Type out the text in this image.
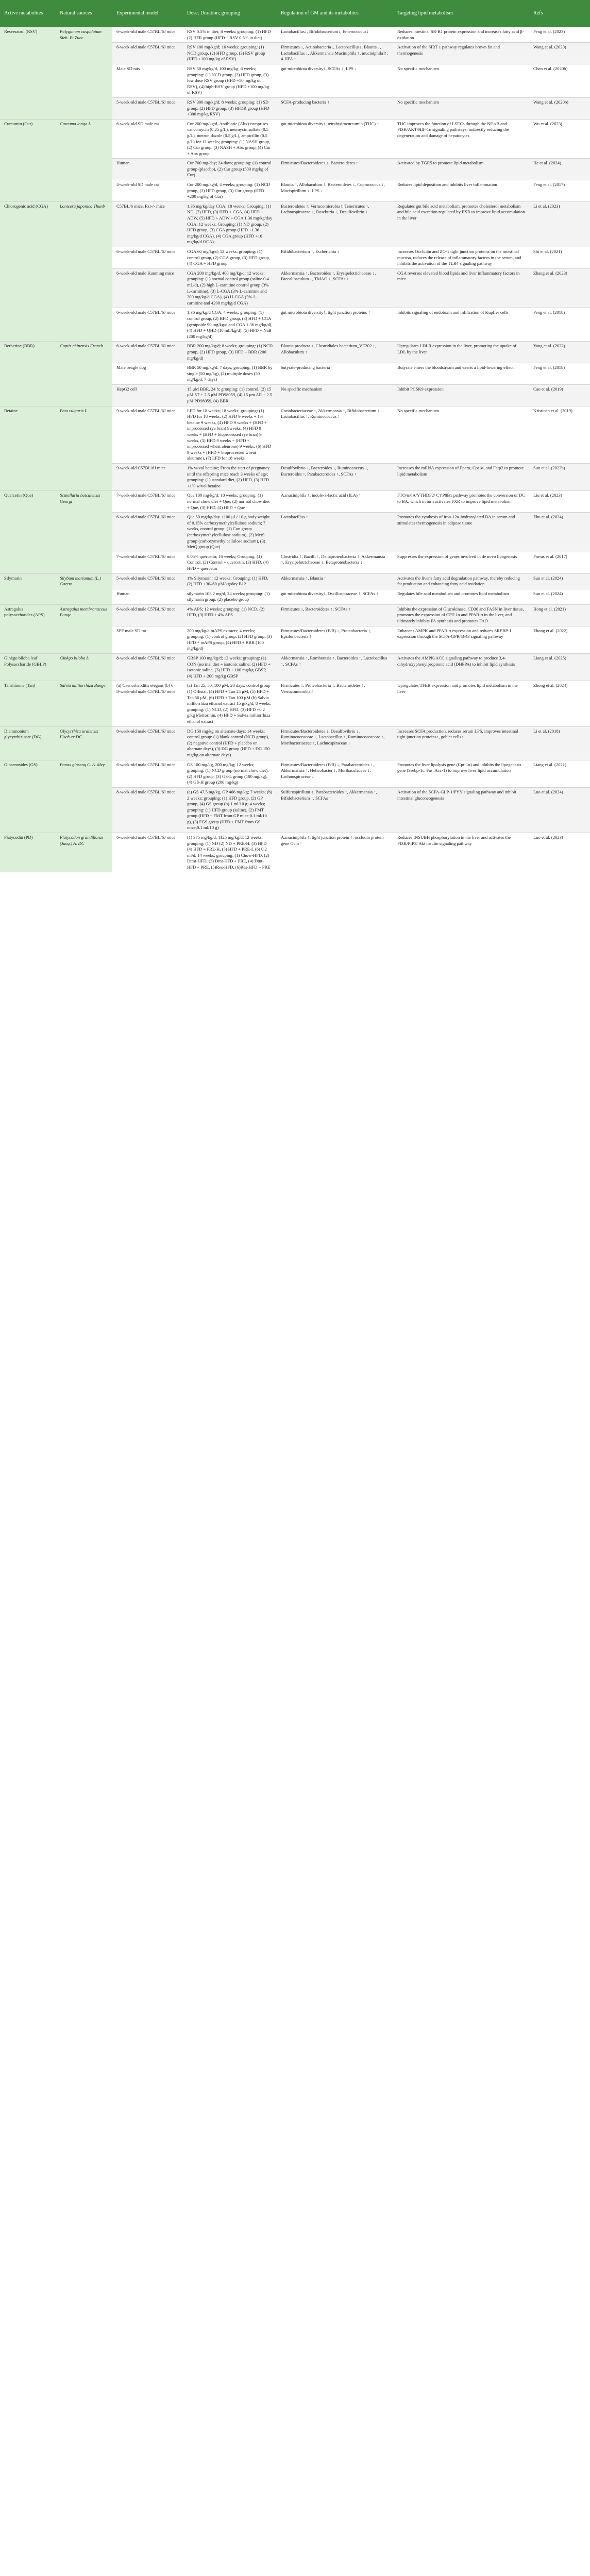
Active metabolites	Natural sources	Experimental model	Dose; Duration; grouping	Regulation of GM and its metabolites	Targeting lipid metabolism	Refs
Resveratrol (RSV)	Polygonum cuspidatum Sieb. Et Zucc	6-week-old male C57BL/6J mice	RSV 0.5% in diet; 8 weeks; grouping: (1) HFD (2) HFR group (HFD + RSV 0.5% in diet)	Lactobacillus↓, Bifidobacterium↓, Enterococcus↓	Reduces intestinal SR-B1 protein expression and increases fatty acid β-oxidation	Peng et al. (2023)
		6-week-old male C57BL/6J mice	RSV 100 mg/kg/d; 16 weeks; grouping: (1) NCD group, (2) HFD group, (3) RSV group (HFD +100 mg/kg of RSV)	Firmicutes ↓, Actinobacteria↓, Lactobacillus↓, Blautia ↓, Lactobacillus ↓, Akkermansia Muciniphila ↑, muciniphila]↑; 4-HPA ↑	Activation of the SIRT 1 pathway regulates brown fat and thermogenesis	Wang et al. (2020)
		Male SD rats	RSV 50 mg/kg/d, 100 mg/kg; 6 weeks; grouping: (1) NCD group, (2) HFD group, (3) low dose RSV group (HFD +50 mg/kg of RSV), (4) high-RSV group (HFD +100 mg/kg of RSV)	gut microbiota diversity↑, SCFAs ↑, LPS ↓	No specific mechanism	Chen et al. (2020b)
		5-week-old male C57BL/6J mice	RSV 300 mg/kg/d; 8 weeks; grouping: (1) SD group, (2) HFD group, (3) HFDR group (HFD +300 mg/kg RSV)	SCFA-producing bacteria ↑	No specific mechanism	Wang et al. (2020b)
Curcumin (Cur)	Curcuma longa L	6-week-old SD male rat	Cur 200 mg/kg/d, Antibiotic (Abx) comprises vancomycin (0.25 g/L), neomycin sulfate (0.5 g/L), metronidazole (0.5 g/L), ampicillin (0.5 g/L) for 12 weeks; grouping: (1) NASH group, (2) Cur group, (3) NASH + Abx group, (4) Cur + Abx group	gut microbiota diversity↑, tetrahydrocurcumin (THC) ↑	THC improves the function of LSECs through the NF-κB and PI3K/AKT/HIF-1α signaling pathways, indirectly reducing the degeneration and damage of hepatocytes	Wu et al. (2023)
		Human	Cur 700 mg/day; 24 days; grouping: (1) control group (placebo), (2) Cur group (500 mg/kg of Cur)	Firmicutes/Bacteroidetes ↓, Bacteroidetes ↑	Activated by TGR5 to promote lipid metabolism	He et al. (2024)
		4-week-old SD male rat	Cur 200 mg/kg/d, 4 weeks; grouping: (1) NCD group, (2) HFD group, (3) Cur group (HFD +200 mg/kg of Cur)	Blautia ↑, Allobaculum ↑, Bacteroidetes ↓, Coprococcus ↓, Mucispirillum ↓, LPS ↓	Reduces lipid deposition and inhibits liver inflammation	Feng et al. (2017)
Chlorogenic acid (CGA)	Lonicera japonica Thunb	C57BL/6 mice, Fxr-/- mice	1.36 mg/kg/day CGA; 18 weeks; Grouping: (1) ND, (2) HFD, (3) HFD + CGA, (4) HFD + ADW, (5) HFD + ADW + CGA 1.36 mg/kg/day CGA; 12 weeks; Grouping: (1) ND group, (2) HFD group, (3) CGA group (HFD +1.36 mg/kg/d CGA), (4) CGA group (HFD +10 mg/kg/d OCA)	Bacteroidetes ↑, Verrucomicrobia↑, Tenericutes ↑, Lachnospiraceae ↓, Roseburia ↓, Desulfovibrio ↓	Regulates gut bile acid metabolism, promotes cholesterol metabolism and bile acid excretion regulated by FXR to improve lipid accumulation in the liver	Li et al. (2023)
		6-week-old male C57BL/6J mice	CGA 60 mg/kg/d; 12 weeks; grouping: (1) control group, (2) CGA group, (3) HFD group, (4) CGA + HFD group	Bifidobacterium ↑, Escherichia ↓	Increases Occludin and ZO-1 tight junction proteins on the intestinal mucosa, reduces the release of inflammatory factors in the serum, and inhibits the activation of the TLR4 signaling pathway	Shi et al. (2021)
		6-week-old male Kunming mice	CGA 200 mg/kg/d, 400 mg/kg/d; 12 weeks; grouping: (1) normal control group (saline 0.4 mL/d), (2) high L-carnitine control group (3% L-carnitine), (3) L-CGA (3% L-carnitine and 200 mg/kg/d CGA), (4) H-CGA (3% L-carnitine and 4200 mg/kg/d CGA)	Akkermansia ↑, Bacteroides ↑, Erysipelotrichaceae ↓, Faecalibaculum ↓, TMAO ↓, SCFAs ↑	CGA reverses elevated blood lipids and liver inflammatory factors in mice	Zhang et al. (2023)
		6-week-old male C57BL/6J mice	1.36 mg/kg/d CGA; 4 weeks; grouping: (1) control group, (2) HFD group, (3) HFD + CGA (genipoide 90 mg/kg/d and CGA 1.36 mg/kg/d), (4) HFD + QHD (10 mL/kg/d), (5) HFD + NaB (200 mg/kg/d)	gut microbiota diversity↑, tight junction proteins ↑	Inhibits signaling of endotoxin and infiltration of Kupffer cells	Peng et al. (2018)
Berberine (BBR)	Coptis chinensis Franch	6-week-old male C57BL/6J mice	BBR 200 mg/kg/d; 8 weeks; grouping: (1) NCD group, (2) HFD group, (3) HFD + BBR (200 mg/kg/d)	Blautia producta ↑, Clostridiales bacterium_VE202 ↑, Allobaculum ↑	Upregulates LDLR expression in the liver, promoting the uptake of LDL by the liver	Yang et al. (2022)
		Male beagle dog	BBR 50 mg/kg/d; 7 days; grouping: (1) BBR by single (50 mg/kg), (2) multiple doses (50 mg/kg/d; 7 days)	butyrate-producing bacteria↑	Butyrate enters the bloodstream and exerts a lipid-lowering effect	Feng et al. (2018)
		HepG2 cell	15 μM BBR, 24 h; grouping: (1) control, (2) 15 μM ST + 2.5 μM PD98059, (4) 15 μm AR + 2.5 μM PD98059, (4) BBR	No specific mechanism	Inhibit PCSK9 expression	Cao et al. (2019)
Betaine	Beta vulgaris L	9-week-old male C57BL/6J mice	LFD for 18 weeks; 18 weeks; grouping: (1) HFD for 18 weeks, (2) HFD 9 weeks + 1% betaine 9 weeks, (4) HFD 9 weeks + (HFD + unprocessed rye bran) 9weeks, (4) HFD 9 weeks + (HFD + bioprocessed rye bran) 9 weeks, (5) HFD 9 weeks + (HFD + unprocessed wheat aleurone) 9 weeks, (6) HFD 9 weeks + (HFD + bioprocessed wheat aleurone), (7) LFD for 18 weeks	Coriobacteriaceae ↑, Akkermansia ↑, Bifidobacterium ↑, Lactobacillus ↑, Ruminococcus ↑	No specific mechanism	Kristinen et al. (2019)
		9-week-old C57BL/6J mice	1% w/vol betaine; From the start of pregnancy until the offspring mice reach 3 weeks of age; grouping: (1) standard diet, (2) HFD, (3) HFD +1% w/vol betaine	Desulfovibrio ↓, Bacteroides ↓, Ruminococcus ↓, Bacteroides ↑, Parabacteroides ↑, SCFAs ↑	Increases the mRNA expression of Pparα, Cpt1α, and Fatp2 to promote lipid metabolism	Sun et al. (2023b)
Quercetin (Que)	Scutellaria baicalensis Georgi	7-week-old male C57BL/6J mice	Que 100 mg/kg/d; 10 weeks; grouping: (1) normal chow diet + Que, (2) normal chow diet + Que, (3) HFD, (4) HFD + Que	A.muciniphila ↑, indole-3-lactic acid (ILA) ↑	FTO/m6A/YTHDF2/ CYP8B1 pathway promotes the conversion of DC to BA, which in turn activates FXR to improve lipid metabolism	Liu et al. (2023)
		6-week-old male C57BL/6J mice	Que 50 mg/kg/day +100 μL/ 10 g body weight of 0.15% carboxymethylcellulose sodium; 7 weeks, control group: (1) Con group (carboxymethylcellulose sodium), (2) MetS group (carboxymethylcellulose sodium), (3) MetQ group (Que)	Lactobacillus ↑	Promotes the synthesis of iron-12α-hydroxylated BA in serum and stimulates thermogenesis in adipose tissue	Zhu et al. (2024)
		7-week-old male C57BL/6J mice	0.05% quercetin; 16 weeks; Grouping: (1) Control, (2) Control + quercetin, (3) HFD, (4) HFD + quercetin	Clostridia ↑, Bacilli ↑, Deltaproteobacteria ↑, Akkermansia ↑, Erysipelotrichaceae ↓, Betaproteobacteria ↓	Suppresses the expression of genes involved in de novo lipogenesis	Porras et al. (2017)
Silymarin	Silybum marianum (L.) Gaertn	5-week-old male C57BL/6J mice	1% Silymarin; 12 weeks; Grouping: (1) HFD, (2) HFD +30–60 μM/kg/day B12	Akkermansia ↑, Blautia ↑	Activates the liver's fatty acid degradation pathway, thereby reducing fat production and enhancing fatty acid oxidation	Sun et al. (2024)
		Human	silymarin 103.2 mg/d, 24 weeks; grouping: (1) silymarin group, (2) placebo group	gut microbiota diversity↑, Oscillospiraceae ↑, SCFAs ↑	Regulates bile acid metabolism and promotes lipid metabolism	Sun et al. (2024)
Astragalus polysaccharides (APS)	Astragalus membranaceus Bunge	6-week-old male C57BL/6J mice	4% APS; 12 weeks; grouping: (1) NCD, (2) HFD, (3) HFD + 4% APS	Firmicutes ↓, Bacteroidetes ↑, SCFAs ↑	Inhibits the expression of Glucokinase, CD36 and FASN in liver tissue, promotes the expression of CPT-1α and PPAR-α in the liver, and ultimately inhibits FA synthesis and promotes FAO	Hong et al. (2021)
		SPF male SD rat	200 mg/kg/d mAPS extracts; 4 weeks; grouping: (1) control group, (2) HFD group, (3) HFD + mAPS group, (4) HFD + BBR (100 mg/kg/d)	Firmicutes/Bacteroidetes (F/B) ↓, Proteobacteria ↑, Epsilonbacteria ↑	Enhances AMPK and PPAR-α expression and reduces SREBP-1 expression through the SCFA-GPR43/43 signaling pathway	Zhong et al. (2022)
Ginkgo biloba leaf Polysaccharide (GBLP)	Ginkgo biloba L	8-week-old male C57BL/6J mice	GBSP 100 mg/kg/d; 12 weeks; grouping: (1) CON (normal diet + isotonic saline, (2) HFD + isotonic saline, (3) HFD + 100 mg/kg GBSP, (4) HFD + 200 mg/kg GBSP	Akkermansia ↑, Romboutsia ↑, Bacteroides ↑, Lactobacillus ↑, SCFAs ↑	Activates the AMPK/ACC signaling pathway to produce 3,4-dihydroxyphenylpropionic acid (DHPPA) to inhibit lipid synthesis	Liang et al. (2025)
Tanshinone (Tan)	Salvia miltiorrhiza Bunge	(a) Caenorhabditis elegans (b) 6–8-week-old male C57BL/6J mice	(a) Tan 25, 50, 100 μM; 20 days; control group (1) Orlistat, (4) HFD + Tan 25 μM, (5) HFD + Tan 50 μM, (6) HFD + Tan 100 μM (b) Salvia miltiorrhiza ethanol extract 15 g/kg/d; 8 weeks; grouping: (1) NCD, (2) HFD, (3) HFD +0.2 g/kg Metformin, (4) HFD + Salvia miltiorrhiza ethanol extract	Firmicutes ↓, Proteobacteria ↓, Bacteroidetes ↑, Verrucomicrobia ↑	Upregulates TFEB expression and promotes lipid metabolism in the liver	Zhong et al. (2024)
Diammonium glycyrrhizinate (DG)	Glycyrrhiza uralensis Fisch ex DC	8-week-old male C57BL/6J mice	DG 150 mg/kg on alternate days; 14 weeks; control group: (1) blank control (NCD group), (2) negative control (HFD + placebo on alternate days), (3) DG group (HFD + DG 150 mg/kg on alternate days)	Firmicutes/Bacteroidetes ↓, Desulfovibrio ↓, Ruminococcaceae ↓, Lactobacillus ↑, Ruminococcaceae ↑, Moribacteriaceae ↑, Lachnospiraceae ↓	Increases SCFA production, reduces serum LPS, improves intestinal tight junction proteins↑, goblet cells↑	Li et al. (2018)
Ginsenosides (GS)	Panax ginseng C. A. Mey	6-week-old male C57BL/6J mice	GS 100 mg/kg, 200 mg/kg; 12 weeks; grouping: (1) NCD group (normal chow diet), (2) HFD group, (3) GS-L group (100 mg/kg), (4) GS-H group (200 mg/kg)	Firmicutes/Bacteroidetes (F/B) ↓, Parabacteroides ↑, Akkermansia ↑, Helicobacter ↓, Muribaculaceae ↓, Lachnospiraceae ↓	Promotes the liver lipolysis gene (Cpt-1α) and inhibits the lipogenesis gene (Srebp-1c, Fas, Acc-1) to improve liver lipid accumulation	Liang et al. (2021)
		8-week-old male C57BL/6J mice	(a) GS 47.5 mg/kg, GP 466 mg/kg; 7 weeks; (b) 2 weeks; grouping: (1) HFD group, (2) GP group, (4) GS group (b) 1 ml/10 g; 4 weeks; grouping: (1) HFD group (saline), (2) FMT group (HFD + FMT from GP mice;0.1 ml/10 g), (3) FGS group (HFD + FMT from GS mice;0.1 ml/10 g)	Sulfurospirillum ↑, Parabacteroides ↑, Akkermansia ↑, Bifidobacterium ↑, SCFAs ↑	Activation of the SCFA-GLP-1/PYY signaling pathway and inhibit intestinal gluconeogenesis	Luo et al. (2024)
Platycodin (PD)	Platycodon grandiflorus (Jacq.) A. DC	6-week-old male C57BL/6J mice	(1) 375 mg/kg/d, 1125 mg/kg/d; 12 weeks; grouping: (1) ND (2) ND + PRE-H, (3) HFD (4) HFD + PRE-H, (5) HFD + PRE-L (6) 0.2 ml/d, 14 weeks; grouping: (1) Chow-HFD, (2) Dtmt-HFD, (3) Dtnt-HFD + PRE, (4) Dtnt-HFD + PRE, (5)Res-HFD, (6)Res-HFD + PRE	A.muciniphila ↑, tight junction protein ↑, occludin protein gene Ocln↑	Reduces INSUBH phosphorylation in the liver and activates the PI3K/PIP3/ Akt insulin signaling pathway	Luo et al. (2023)
